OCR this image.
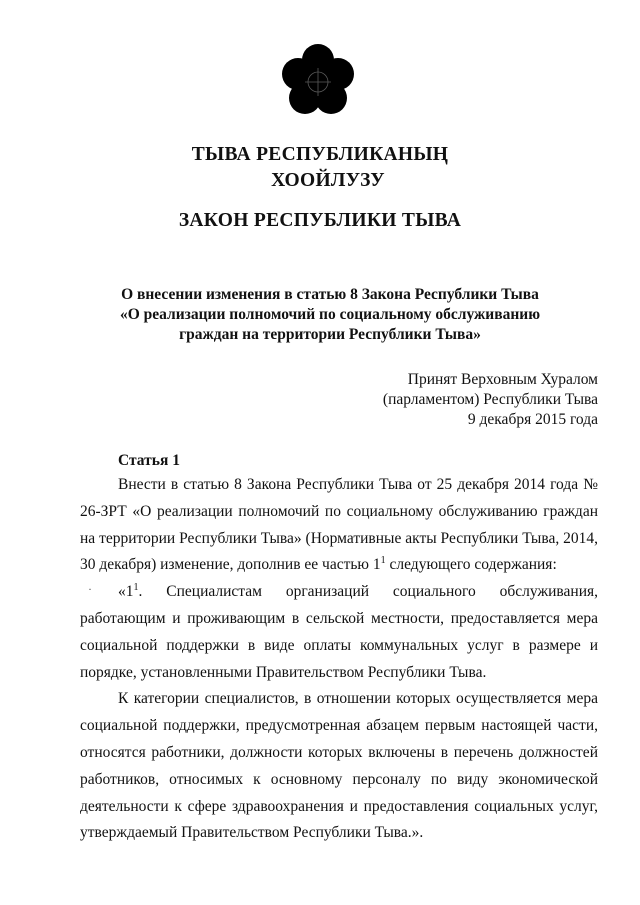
ТЫВА РЕСПУБЛИКАНЫҢ
ХООЙЛУЗУ
ЗАКОН РЕСПУБЛИКИ ТЫВА
О внесении изменения в статью 8 Закона Республики Тыва
«О реализации полномочий по социальному обслуживанию
граждан на территории Республики Тыва»
Принят Верховным Хуралом
(парламентом) Республики Тыва
9 декабря 2015 года
Статья 1

Внести в статью 8 Закона Республики Тыва от 25 декабря 2014 года № 26-ЗРТ «О реализации полномочий по социальному обслуживанию граждан на территории Республики Тыва» (Нормативные акты Республики Тыва, 2014, 30 декабря) изменение, дополнив ее частью $1^1$ следующего содержания:

«$1^1$. Специалистам организаций социального обслуживания, работающим и проживающим в сельской местности, предоставляется мера социальной поддержки в виде оплаты коммунальных услуг в размере и порядке, установленными Правительством Республики Тыва.

К категории специалистов, в отношении которых осуществляется мера социальной поддержки, предусмотренная абзацем первым настоящей части, относятся работники, должности которых включены в перечень должностей работников, относимых к основному персоналу по виду экономической деятельности к сфере здравоохранения и предоставления социальных услуг, утверждаемый Правительством Республики Тыва.».

·
